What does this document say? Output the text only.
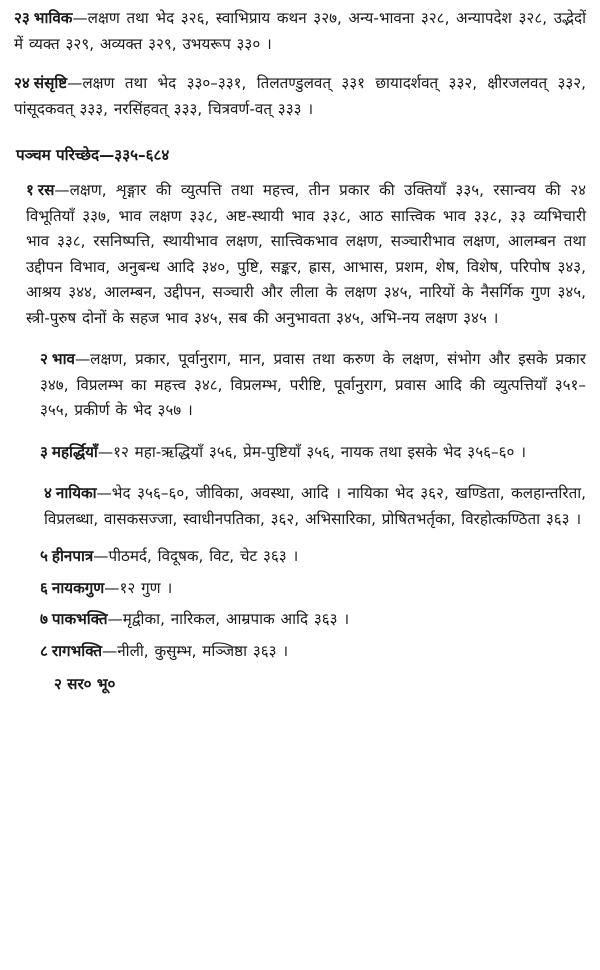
२३ भाविक—लक्षण तथा भेद ३२६, स्वाभिप्राय कथन ३२७, अन्य-भावना ३२८, अन्यापदेश ३२८, उद्भेदों में व्यक्त ३२९, अव्यक्त ३२९, उभयरूप ३३० ।

२४ संसृष्टि—लक्षण तथा भेद ३३०–३३१, तिलतण्डुलवत् ३३१ छायादर्शवत् ३३२, क्षीरजलवत् ३३२, पांसूदकवत् ३३३, नरसिंहवत् ३३३, चित्रवर्ण-वत् ३३३ ।

पञ्चम परिच्छेद—३३५–६८४

१ रस—लक्षण, शृङ्गार की व्युत्पत्ति तथा महत्त्व, तीन प्रकार की उक्तियाँ ३३५, रसान्वय की २४ विभूतियाँ ३३७, भाव लक्षण ३३८, अष्ट-स्थायी भाव ३३८, आठ सात्त्विक भाव ३३८, ३३ व्यभिचारी भाव ३३८, रसनिष्पत्ति, स्थायीभाव लक्षण, सात्त्विकभाव लक्षण, सञ्चारीभाव लक्षण, आलम्बन तथा उद्दीपन विभाव, अनुबन्ध आदि ३४०, पुष्टि, सङ्कर, ह्रास, आभास, प्रशम, शेष, विशेष, परिपोष ३४३, आश्रय ३४४, आलम्बन, उद्दीपन, सञ्चारी और लीला के लक्षण ३४५, नारियों के नैसर्गिक गुण ३४५, स्त्री-पुरुष दोनों के सहज भाव ३४५, सब की अनुभावता ३४५, अभि-नय लक्षण ३४५ ।

२ भाव—लक्षण, प्रकार, पूर्वानुराग, मान, प्रवास तथा करुण के लक्षण, संभोग और इसके प्रकार ३४७, विप्रलम्भ का महत्त्व ३४८, विप्रलम्भ, परीष्टि, पूर्वानुराग, प्रवास आदि की व्युत्पत्तियाँ ३५१–३५५, प्रकीर्ण के भेद ३५७ ।

३ महर्द्धियाँ—१२ महा-ऋद्धियाँ ३५६, प्रेम-पुष्टियाँ ३५६, नायक तथा इसके भेद ३५६–६० ।

४ नायिका—भेद ३५६–६०, जीविका, अवस्था, आदि । नायिका भेद ३६२, खण्डिता, कलहान्तरिता, विप्रलब्धा, वासकसज्जा, स्वाधीनपतिका, ३६२, अभिसारिका, प्रोषितभर्तृका, विरहोत्कण्ठिता ३६३ ।

५ हीनपात्र—पीठमर्द, विदूषक, विट, चेट ३६३ ।

६ नायकगुण—१२ गुण ।

७ पाकभक्ति—मृद्वीका, नारिकल, आम्रपाक आदि ३६३ ।

८ रागभक्ति—नीली, कुसुम्भ, मञ्जिष्ठा ३६३ ।

२ सर० भू०
